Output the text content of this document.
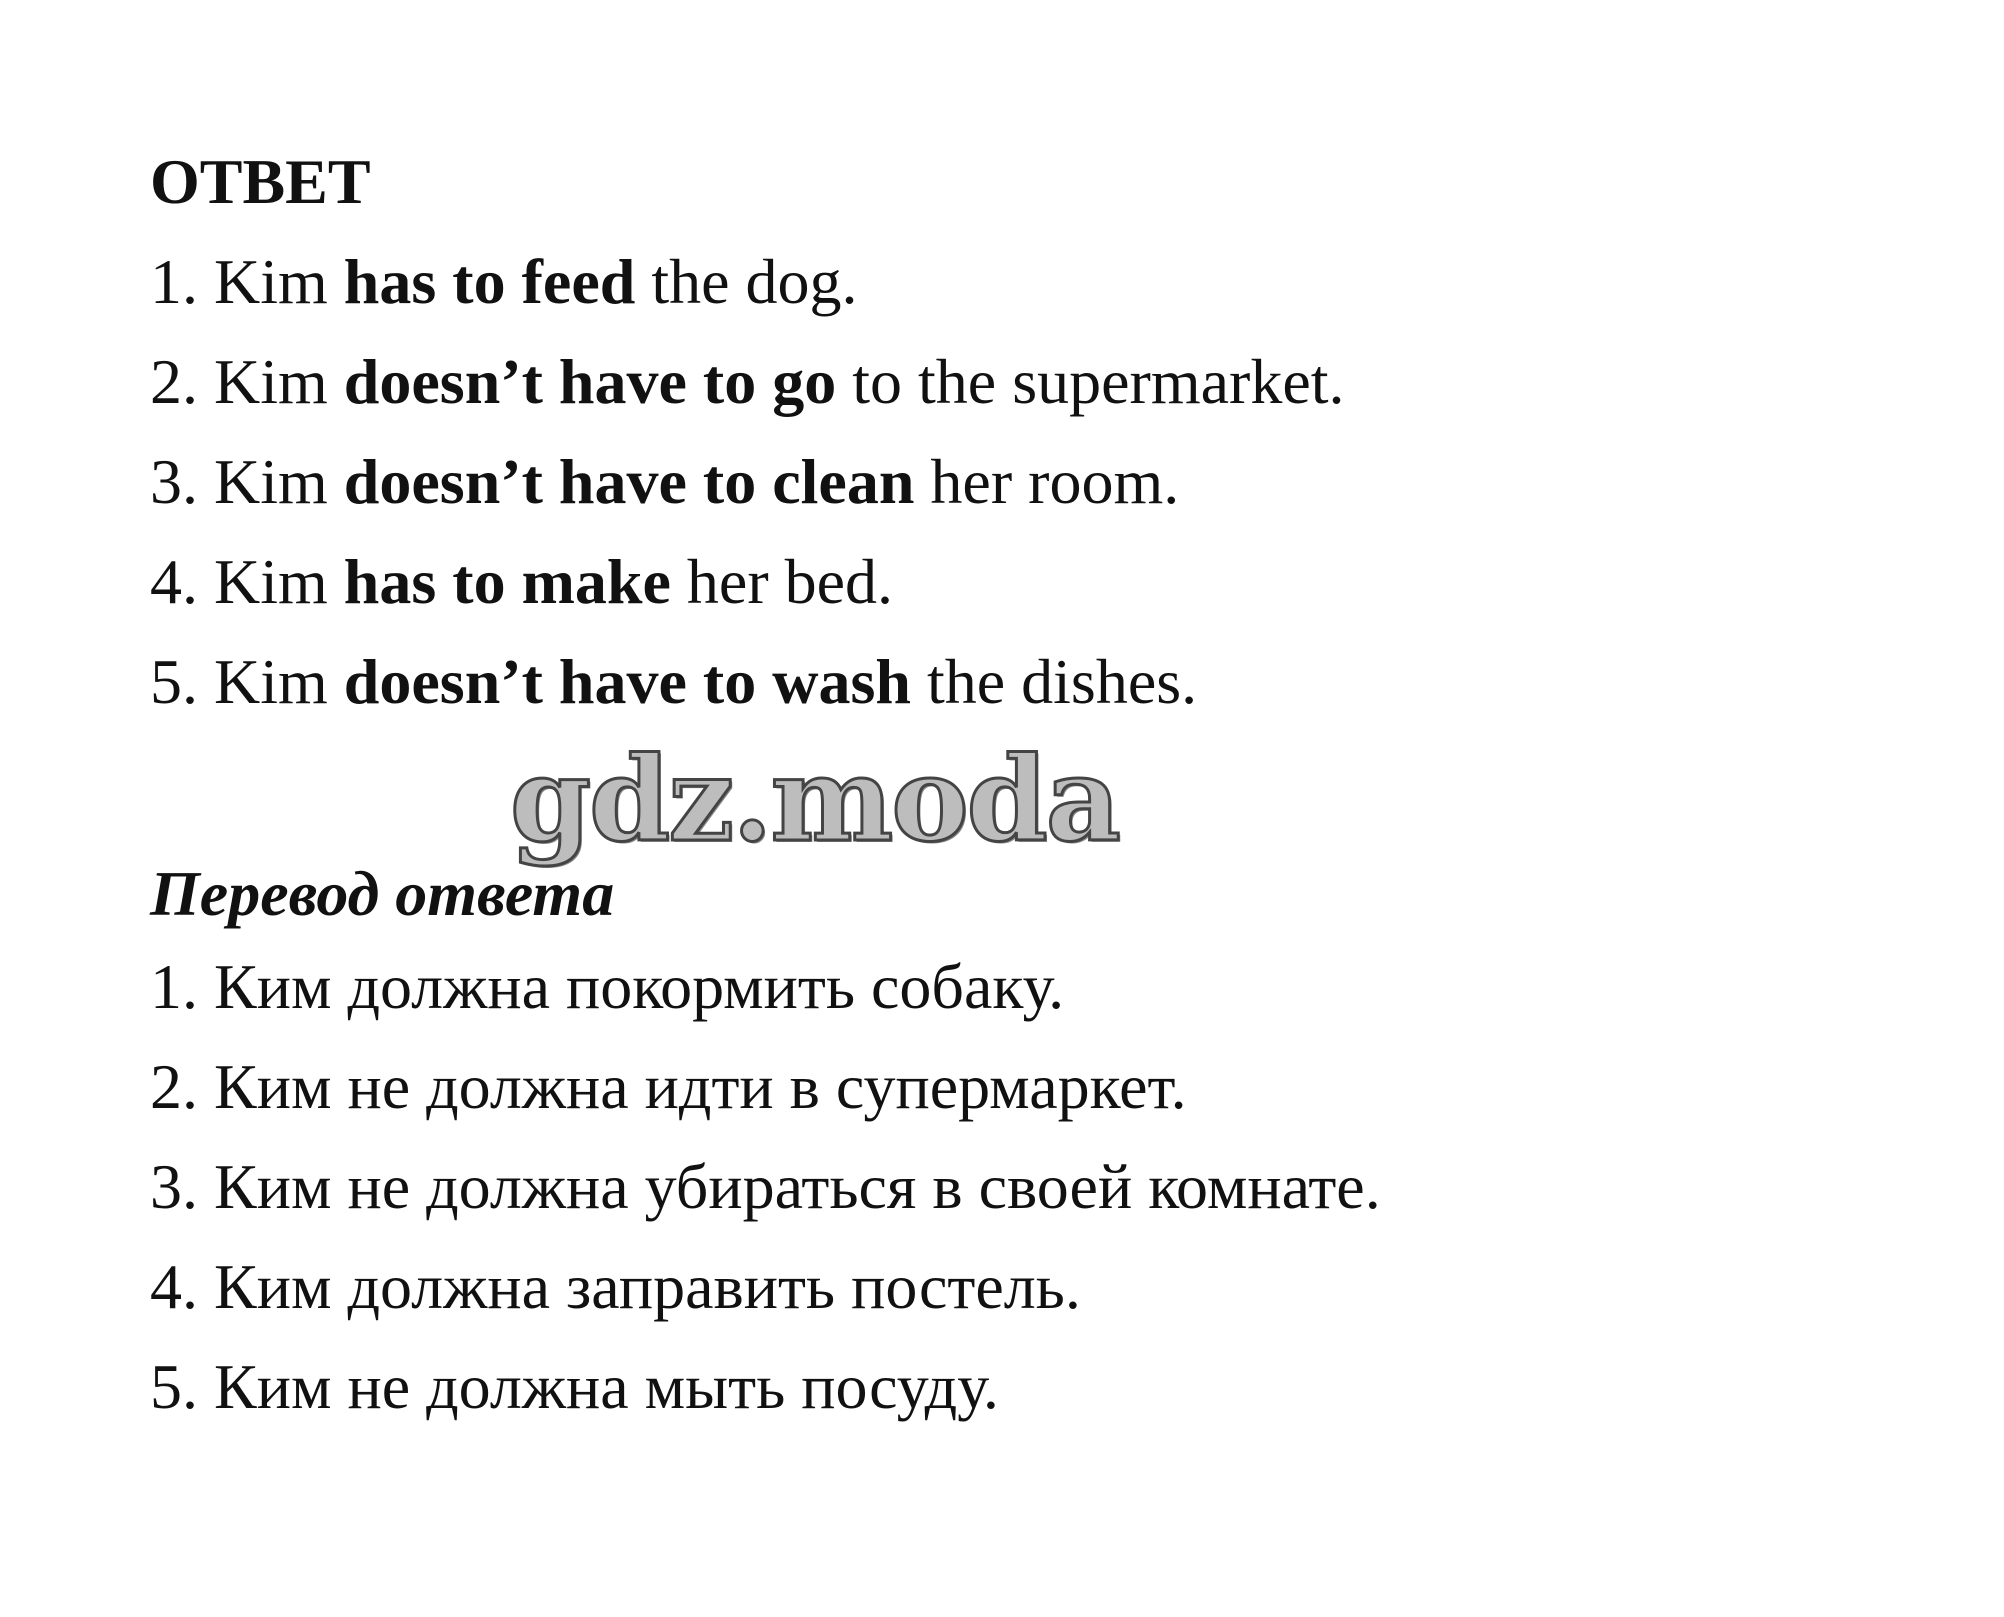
ОТВЕТ
1. Kim has to feed the dog.
2. Kim doesn’t have to go to the supermarket.
3. Kim doesn’t have to clean her room.
4. Kim has to make her bed.
5. Kim doesn’t have to wash the dishes.
gdz.moda
Перевод ответа
1. Ким должна покормить собаку.
2. Ким не должна идти в супермаркет.
3. Ким не должна убираться в своей комнате.
4. Ким должна заправить постель.
5. Ким не должна мыть посуду.
